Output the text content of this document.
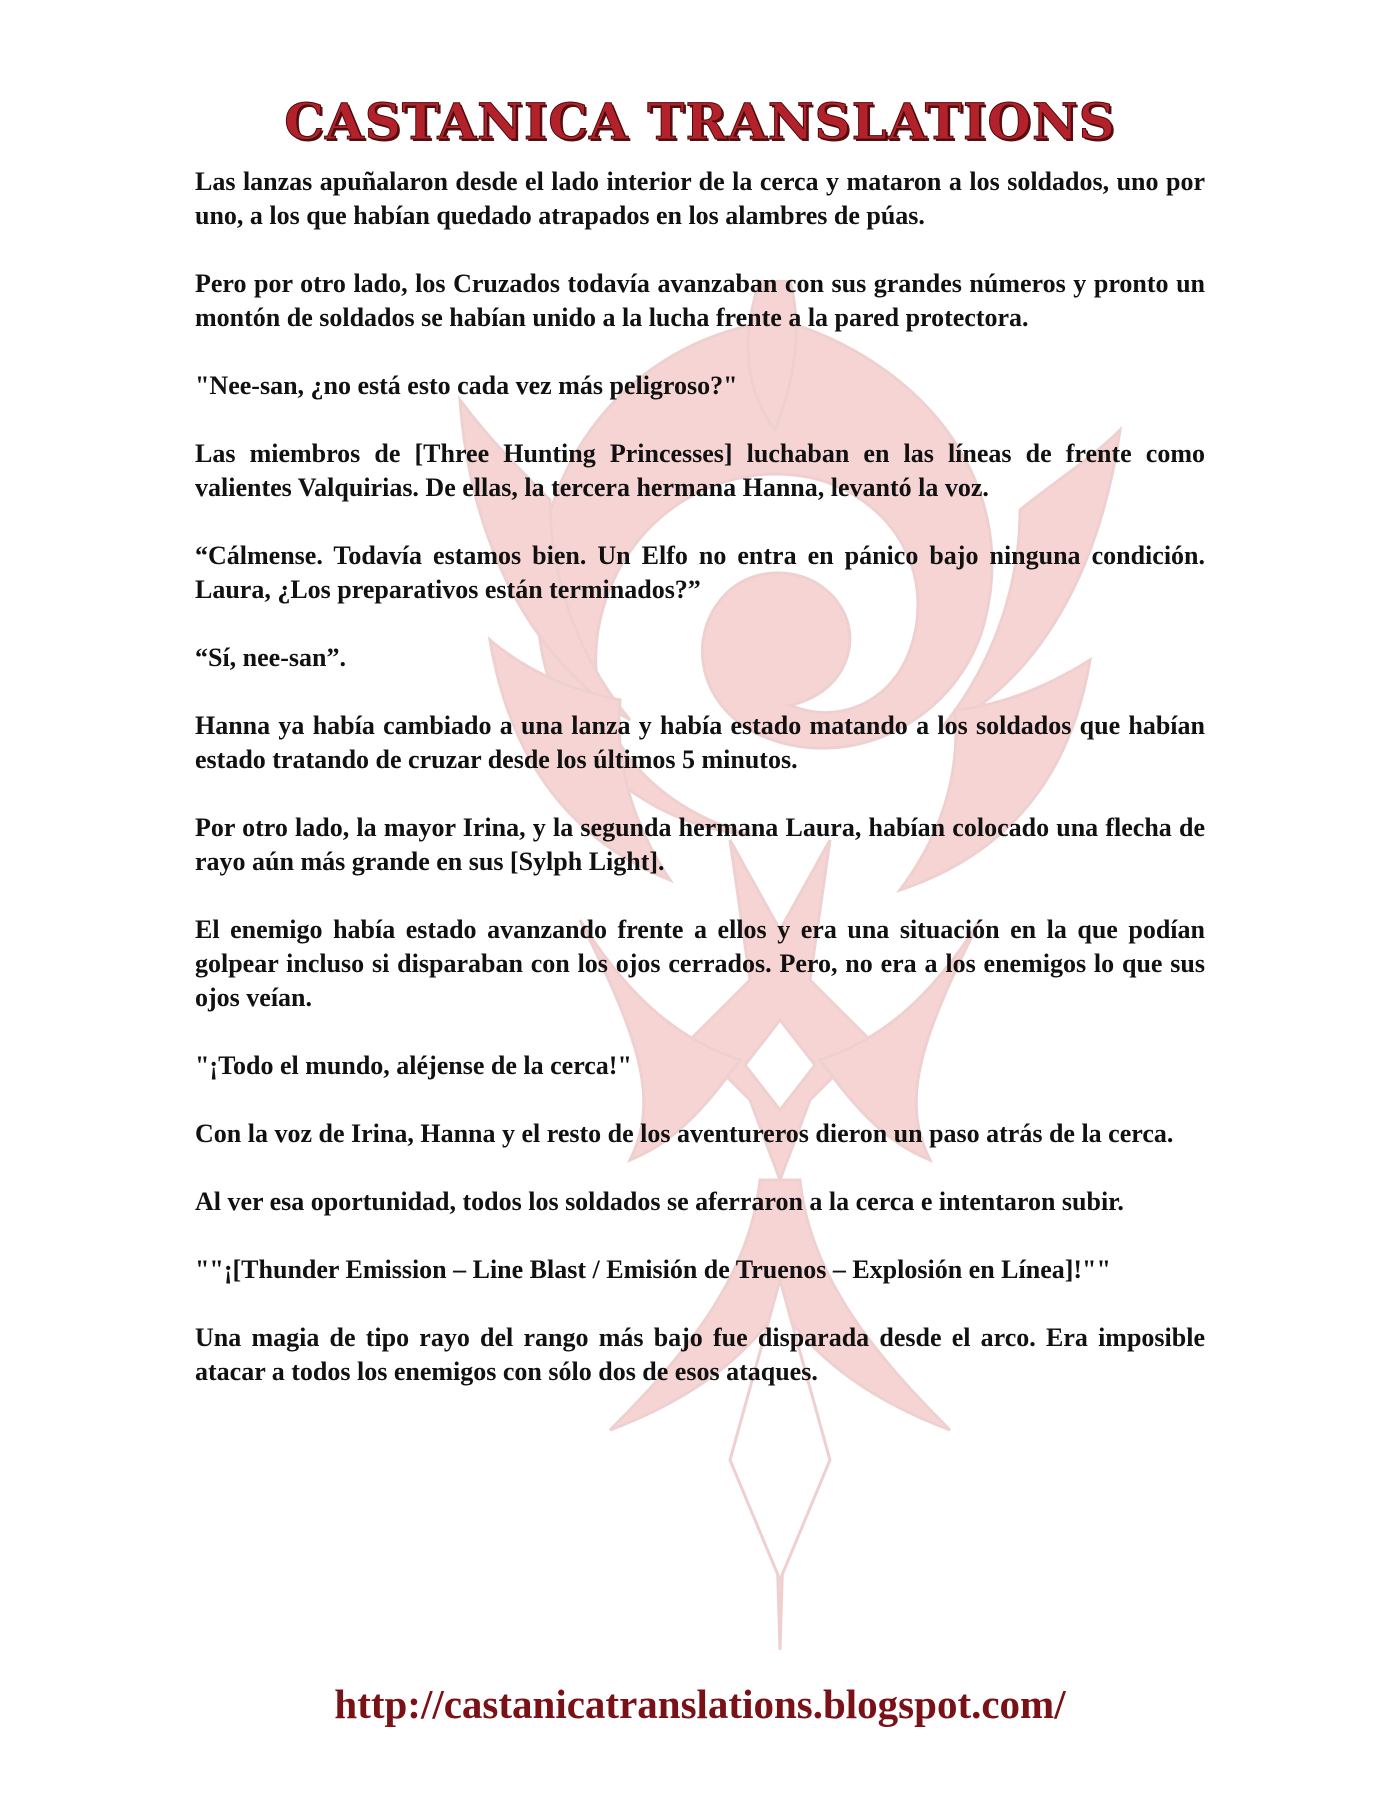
CASTANICA TRANSLATIONS

Las lanzas apuñalaron desde el lado interior de la cerca y mataron a los soldados, uno por uno, a los que habían quedado atrapados en los alambres de púas.

Pero por otro lado, los Cruzados todavía avanzaban con sus grandes números y pronto un montón de soldados se habían unido a la lucha frente a la pared protectora.

"Nee-san, ¿no está esto cada vez más peligroso?"

Las miembros de [Three Hunting Princesses] luchaban en las líneas de frente como valientes Valquirias. De ellas, la tercera hermana Hanna, levantó la voz.

“Cálmense. Todavía estamos bien. Un Elfo no entra en pánico bajo ninguna condición. Laura, ¿Los preparativos están terminados?”

“Sí, nee-san”.

Hanna ya había cambiado a una lanza y había estado matando a los soldados que habían estado tratando de cruzar desde los últimos 5 minutos.

Por otro lado, la mayor Irina, y la segunda hermana Laura, habían colocado una flecha de rayo aún más grande en sus [Sylph Light].

El enemigo había estado avanzando frente a ellos y era una situación en la que podían golpear incluso si disparaban con los ojos cerrados. Pero, no era a los enemigos lo que sus ojos veían.

"¡Todo el mundo, aléjense de la cerca!"

Con la voz de Irina, Hanna y el resto de los aventureros dieron un paso atrás de la cerca.

Al ver esa oportunidad, todos los soldados se aferraron a la cerca e intentaron subir.

""¡[Thunder Emission – Line Blast / Emisión de Truenos – Explosión en Línea]!""

Una magia de tipo rayo del rango más bajo fue disparada desde el arco. Era imposible atacar a todos los enemigos con sólo dos de esos ataques.

http://castanicatranslations.blogspot.com/
